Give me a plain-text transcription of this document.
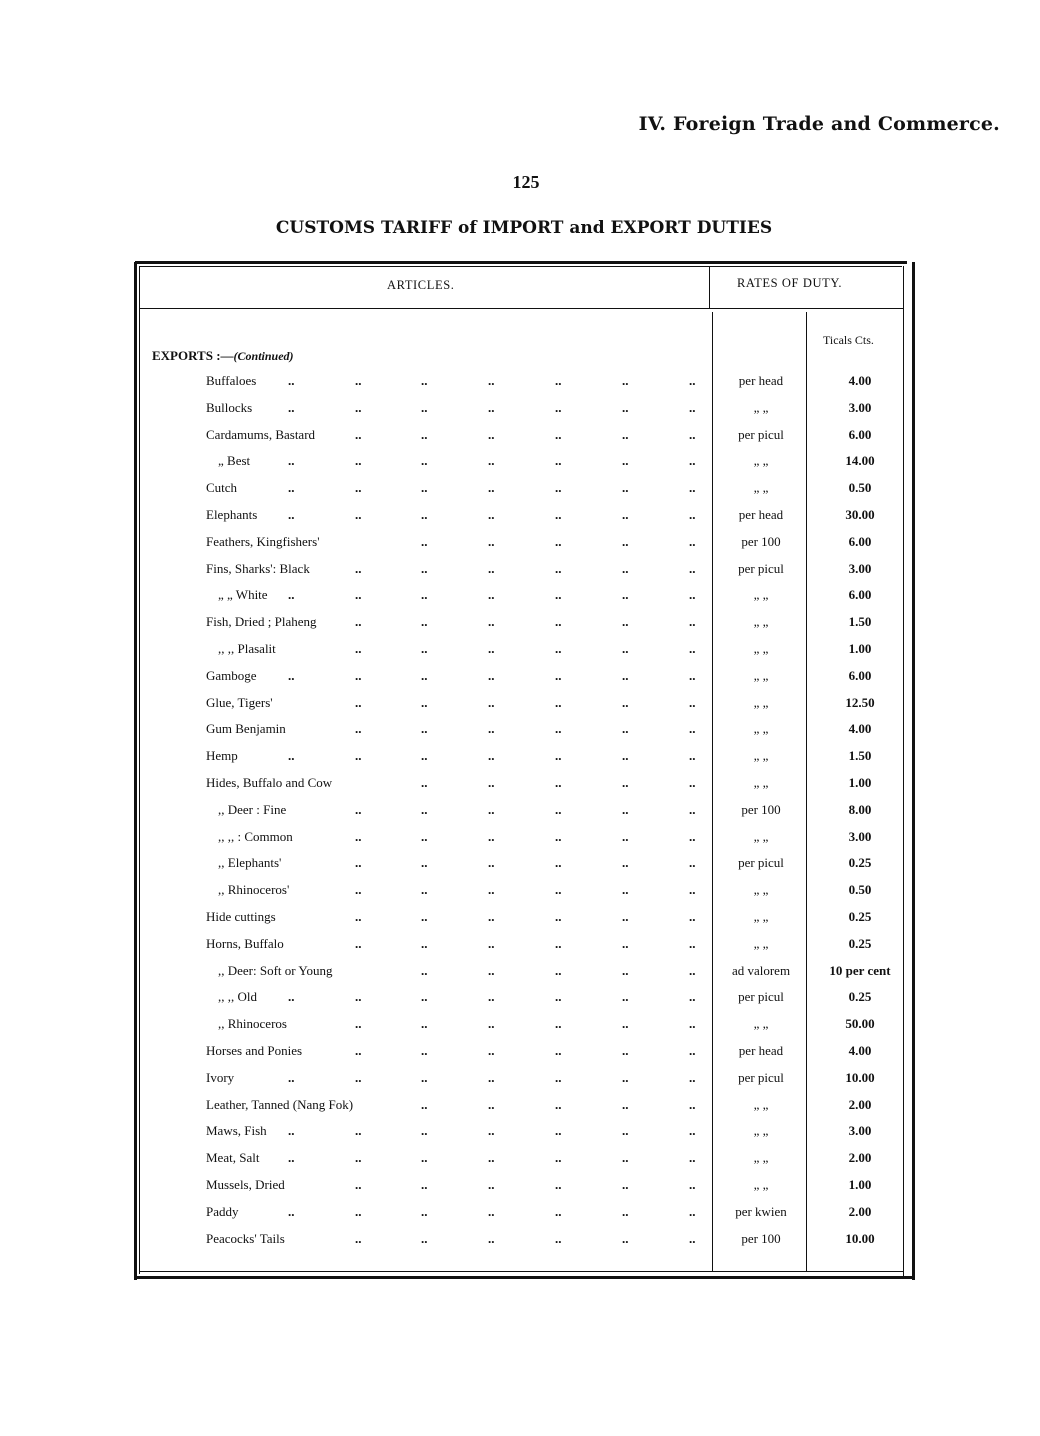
IV. Foreign Trade and Commerce.
125
CUSTOMS TARIFF of IMPORT and EXPORT DUTIES
ARTICLES.	RATES OF DUTY.
Ticals Cts.
EXPORTS :—(Continued)
Buffaloes ..	..	..	..	..	..	..	per head	4.00
Bullocks	..	..	..	..	..	..	..	„ „	3.00
Cardamums, Bastard	..	..	..	..	..	..	per picul	6.00
„ Best	..	..	..	..	..	..	..	„ „	14.00
Cutch	..	..	..	..	..	..	..	„ „	0.50
Elephants ..	..	..	..	..	..	..	per head	30.00
Feathers, Kingfishers'	..	..	..	..	..	per 100	6.00
Fins, Sharks': Black	..	..	..	..	..	..	per picul	3.00
„ „ White ..	..	..	..	..	..	..	„ „	6.00
Fish, Dried ; Plaheng	..	..	..	..	..	..	„ „	1.50
,, ,, Plasalit	..	..	..	..	..	..	„ „	1.00
Gamboge ..	..	..	..	..	..	..	„ „	6.00
Glue, Tigers'	..	..	..	..	..	..	„ „	12.50
Gum Benjamin	..	..	..	..	..	..	„ „	4.00
Hemp	..	..	..	..	..	..	..	„ „	1.50
Hides, Buffalo and Cow	..	..	..	..	..	„ „	1.00
,, Deer : Fine	..	..	..	..	..	..	per 100	8.00
,, ,, : Common	..	..	..	..	..	..	„ „	3.00
,, Elephants'	..	..	..	..	..	..	per picul	0.25
,, Rhinoceros'	..	..	..	..	..	..	„ „	0.50
Hide cuttings	..	..	..	..	..	..	„ „	0.25
Horns, Buffalo	..	..	..	..	..	..	„ „	0.25
,, Deer: Soft or Young	..	..	..	..	..	ad valorem	10 per cent
,, ,, Old ..	..	..	..	..	..	..	per picul	0.25
,, Rhinoceros	..	..	..	..	..	..	„ „	50.00
Horses and Ponies	..	..	..	..	..	..	per head	4.00
Ivory	..	..	..	..	..	..	..	per picul	10.00
Leather, Tanned (Nang Fok)	..	..	..	..	..	„ „	2.00
Maws, Fish ..	..	..	..	..	..	..	„ „	3.00
Meat, Salt ..	..	..	..	..	..	..	„ „	2.00
Mussels, Dried	..	..	..	..	..	..	„ „	1.00
Paddy	..	..	..	..	..	..	..	per kwien	2.00
Peacocks' Tails	..	..	..	..	..	..	per 100	10.00
